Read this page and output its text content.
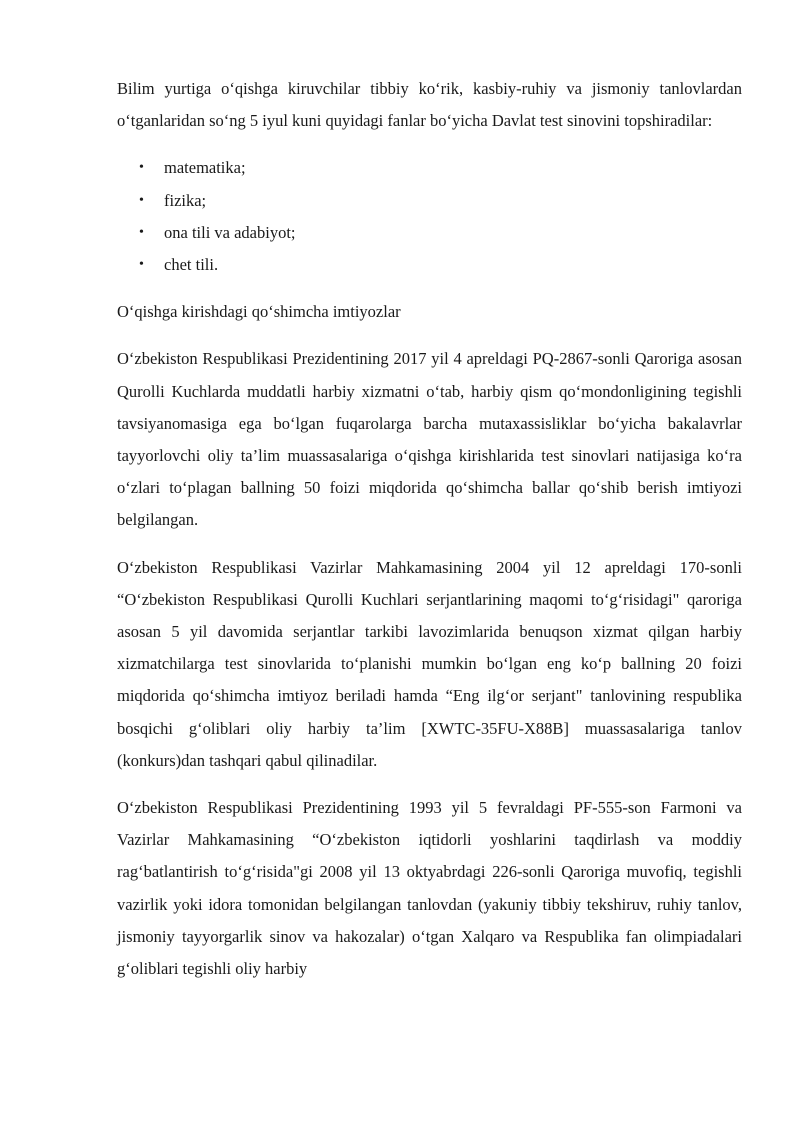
Bilim yurtiga o‘qishga kiruvchilar tibbiy ko‘rik, kasbiy-ruhiy va jismoniy tanlovlardan o‘tganlaridan so‘ng 5 iyul kuni quyidagi fanlar bo‘yicha Davlat test sinovini topshiradilar:

• matematika;
• fizika;
• ona tili va adabiyot;
• chet tili.

O‘qishga kirishdagi qo‘shimcha imtiyozlar

O‘zbekiston Respublikasi Prezidentining 2017 yil 4 apreldagi PQ-2867-sonli Qaroriga asosan Qurolli Kuchlarda muddatli harbiy xizmatni o‘tab, harbiy qism qo‘mondonligining tegishli tavsiyanomasiga ega bo‘lgan fuqarolarga barcha mutaxassisliklar bo‘yicha bakalavrlar tayyorlovchi oliy ta’lim muassasalariga o‘qishga kirishlarida test sinovlari natijasiga ko‘ra o‘zlari to‘plagan ballning 50 foizi miqdorida qo‘shimcha ballar qo‘shib berish imtiyozi belgilangan.

O‘zbekiston Respublikasi Vazirlar Mahkamasining 2004 yil 12 apreldagi 170-sonli “O‘zbekiston Respublikasi Qurolli Kuchlari serjantlarining maqomi to‘g‘risidagi" qaroriga asosan 5 yil davomida serjantlar tarkibi lavozimlarida benuqson xizmat qilgan harbiy xizmatchilarga test sinovlarida to‘planishi mumkin bo‘lgan eng ko‘p ballning 20 foizi miqdorida qo‘shimcha imtiyoz beriladi hamda “Eng ilg‘or serjant" tanlovining respublika bosqichi g‘oliblari oliy harbiy ta’lim [XWTC-35FU-X88B] muassasalariga tanlov (konkurs)dan tashqari qabul qilinadilar.

O‘zbekiston Respublikasi Prezidentining 1993 yil 5 fevraldagi PF-555-son Farmoni va Vazirlar Mahkamasining “O‘zbekiston iqtidorli yoshlarini taqdirlash va moddiy rag‘batlantirish to‘g‘risida"gi 2008 yil 13 oktyabrdagi 226-sonli Qaroriga muvofiq, tegishli vazirlik yoki idora tomonidan belgilangan tanlovdan (yakuniy tibbiy tekshiruv, ruhiy tanlov, jismoniy tayyorgarlik sinov va hakozalar) o‘tgan Xalqaro va Respublika fan olimpiadalari g‘oliblari tegishli oliy harbiy
